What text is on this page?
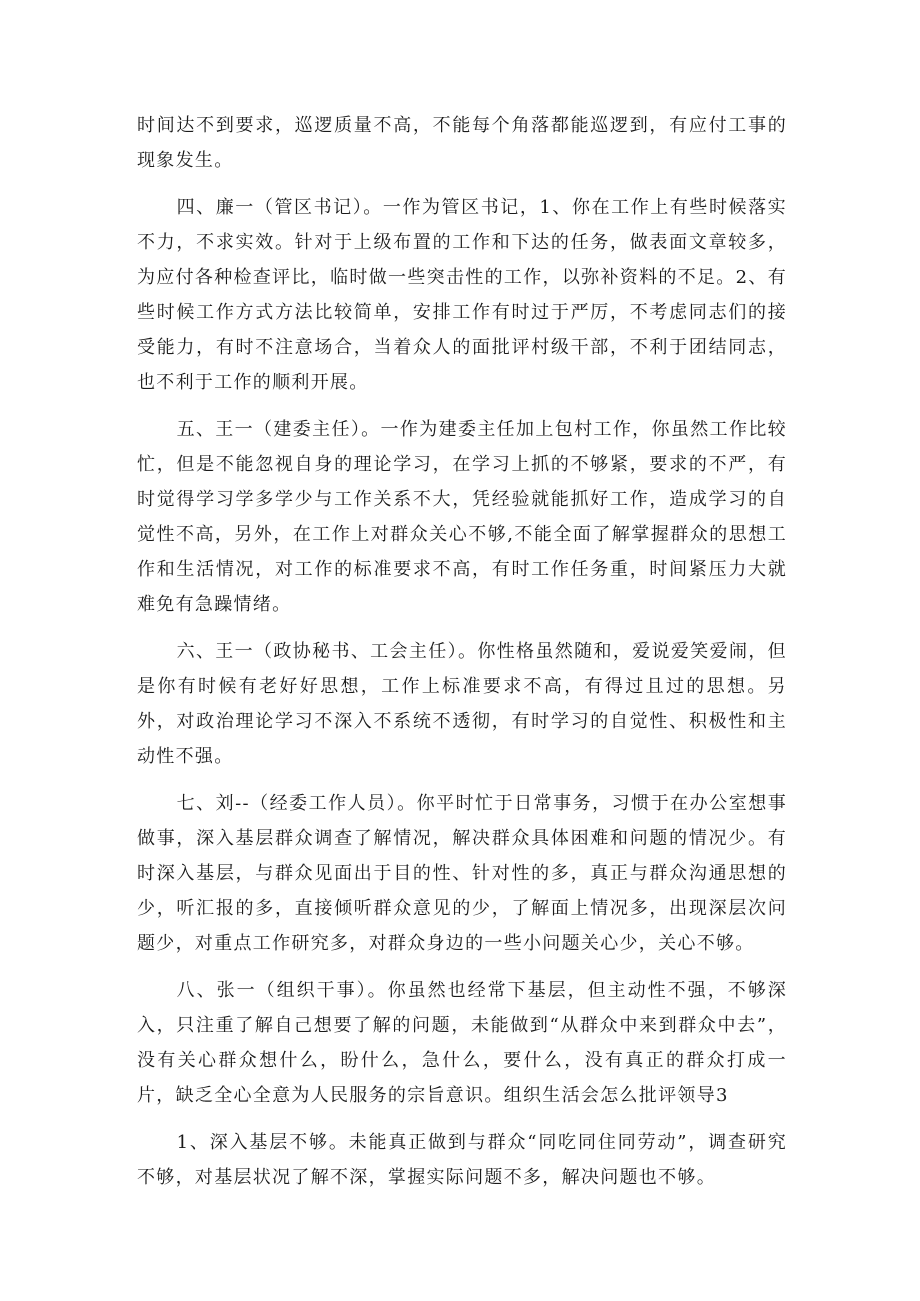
时间达不到要求，巡逻质量不高，不能每个角落都能巡逻到，有应付工事的现象发生。

四、廉一（管区书记）。一作为管区书记，1、你在工作上有些时候落实不力，不求实效。针对于上级布置的工作和下达的任务，做表面文章较多，为应付各种检查评比，临时做一些突击性的工作，以弥补资料的不足。2、有些时候工作方式方法比较简单，安排工作有时过于严厉，不考虑同志们的接受能力，有时不注意场合，当着众人的面批评村级干部，不利于团结同志，也不利于工作的顺利开展。

五、王一（建委主任）。一作为建委主任加上包村工作，你虽然工作比较忙，但是不能忽视自身的理论学习，在学习上抓的不够紧，要求的不严，有时觉得学习学多学少与工作关系不大，凭经验就能抓好工作，造成学习的自觉性不高，另外，在工作上对群众关心不够,不能全面了解掌握群众的思想工作和生活情况，对工作的标准要求不高，有时工作任务重，时间紧压力大就难免有急躁情绪。

六、王一（政协秘书、工会主任）。你性格虽然随和，爱说爱笑爱闹，但是你有时候有老好好思想，工作上标准要求不高，有得过且过的思想。另外，对政治理论学习不深入不系统不透彻，有时学习的自觉性、积极性和主动性不强。

七、刘--（经委工作人员）。你平时忙于日常事务，习惯于在办公室想事做事，深入基层群众调查了解情况，解决群众具体困难和问题的情况少。有时深入基层，与群众见面出于目的性、针对性的多，真正与群众沟通思想的少，听汇报的多，直接倾听群众意见的少，了解面上情况多，出现深层次问题少，对重点工作研究多，对群众身边的一些小问题关心少，关心不够。

八、张一（组织干事）。你虽然也经常下基层，但主动性不强，不够深入，只注重了解自己想要了解的问题，未能做到“从群众中来到群众中去”，没有关心群众想什么，盼什么，急什么，要什么，没有真正的群众打成一片，缺乏全心全意为人民服务的宗旨意识。组织生活会怎么批评领导3

1、深入基层不够。未能真正做到与群众“同吃同住同劳动”，调查研究不够，对基层状况了解不深，掌握实际问题不多，解决问题也不够。
